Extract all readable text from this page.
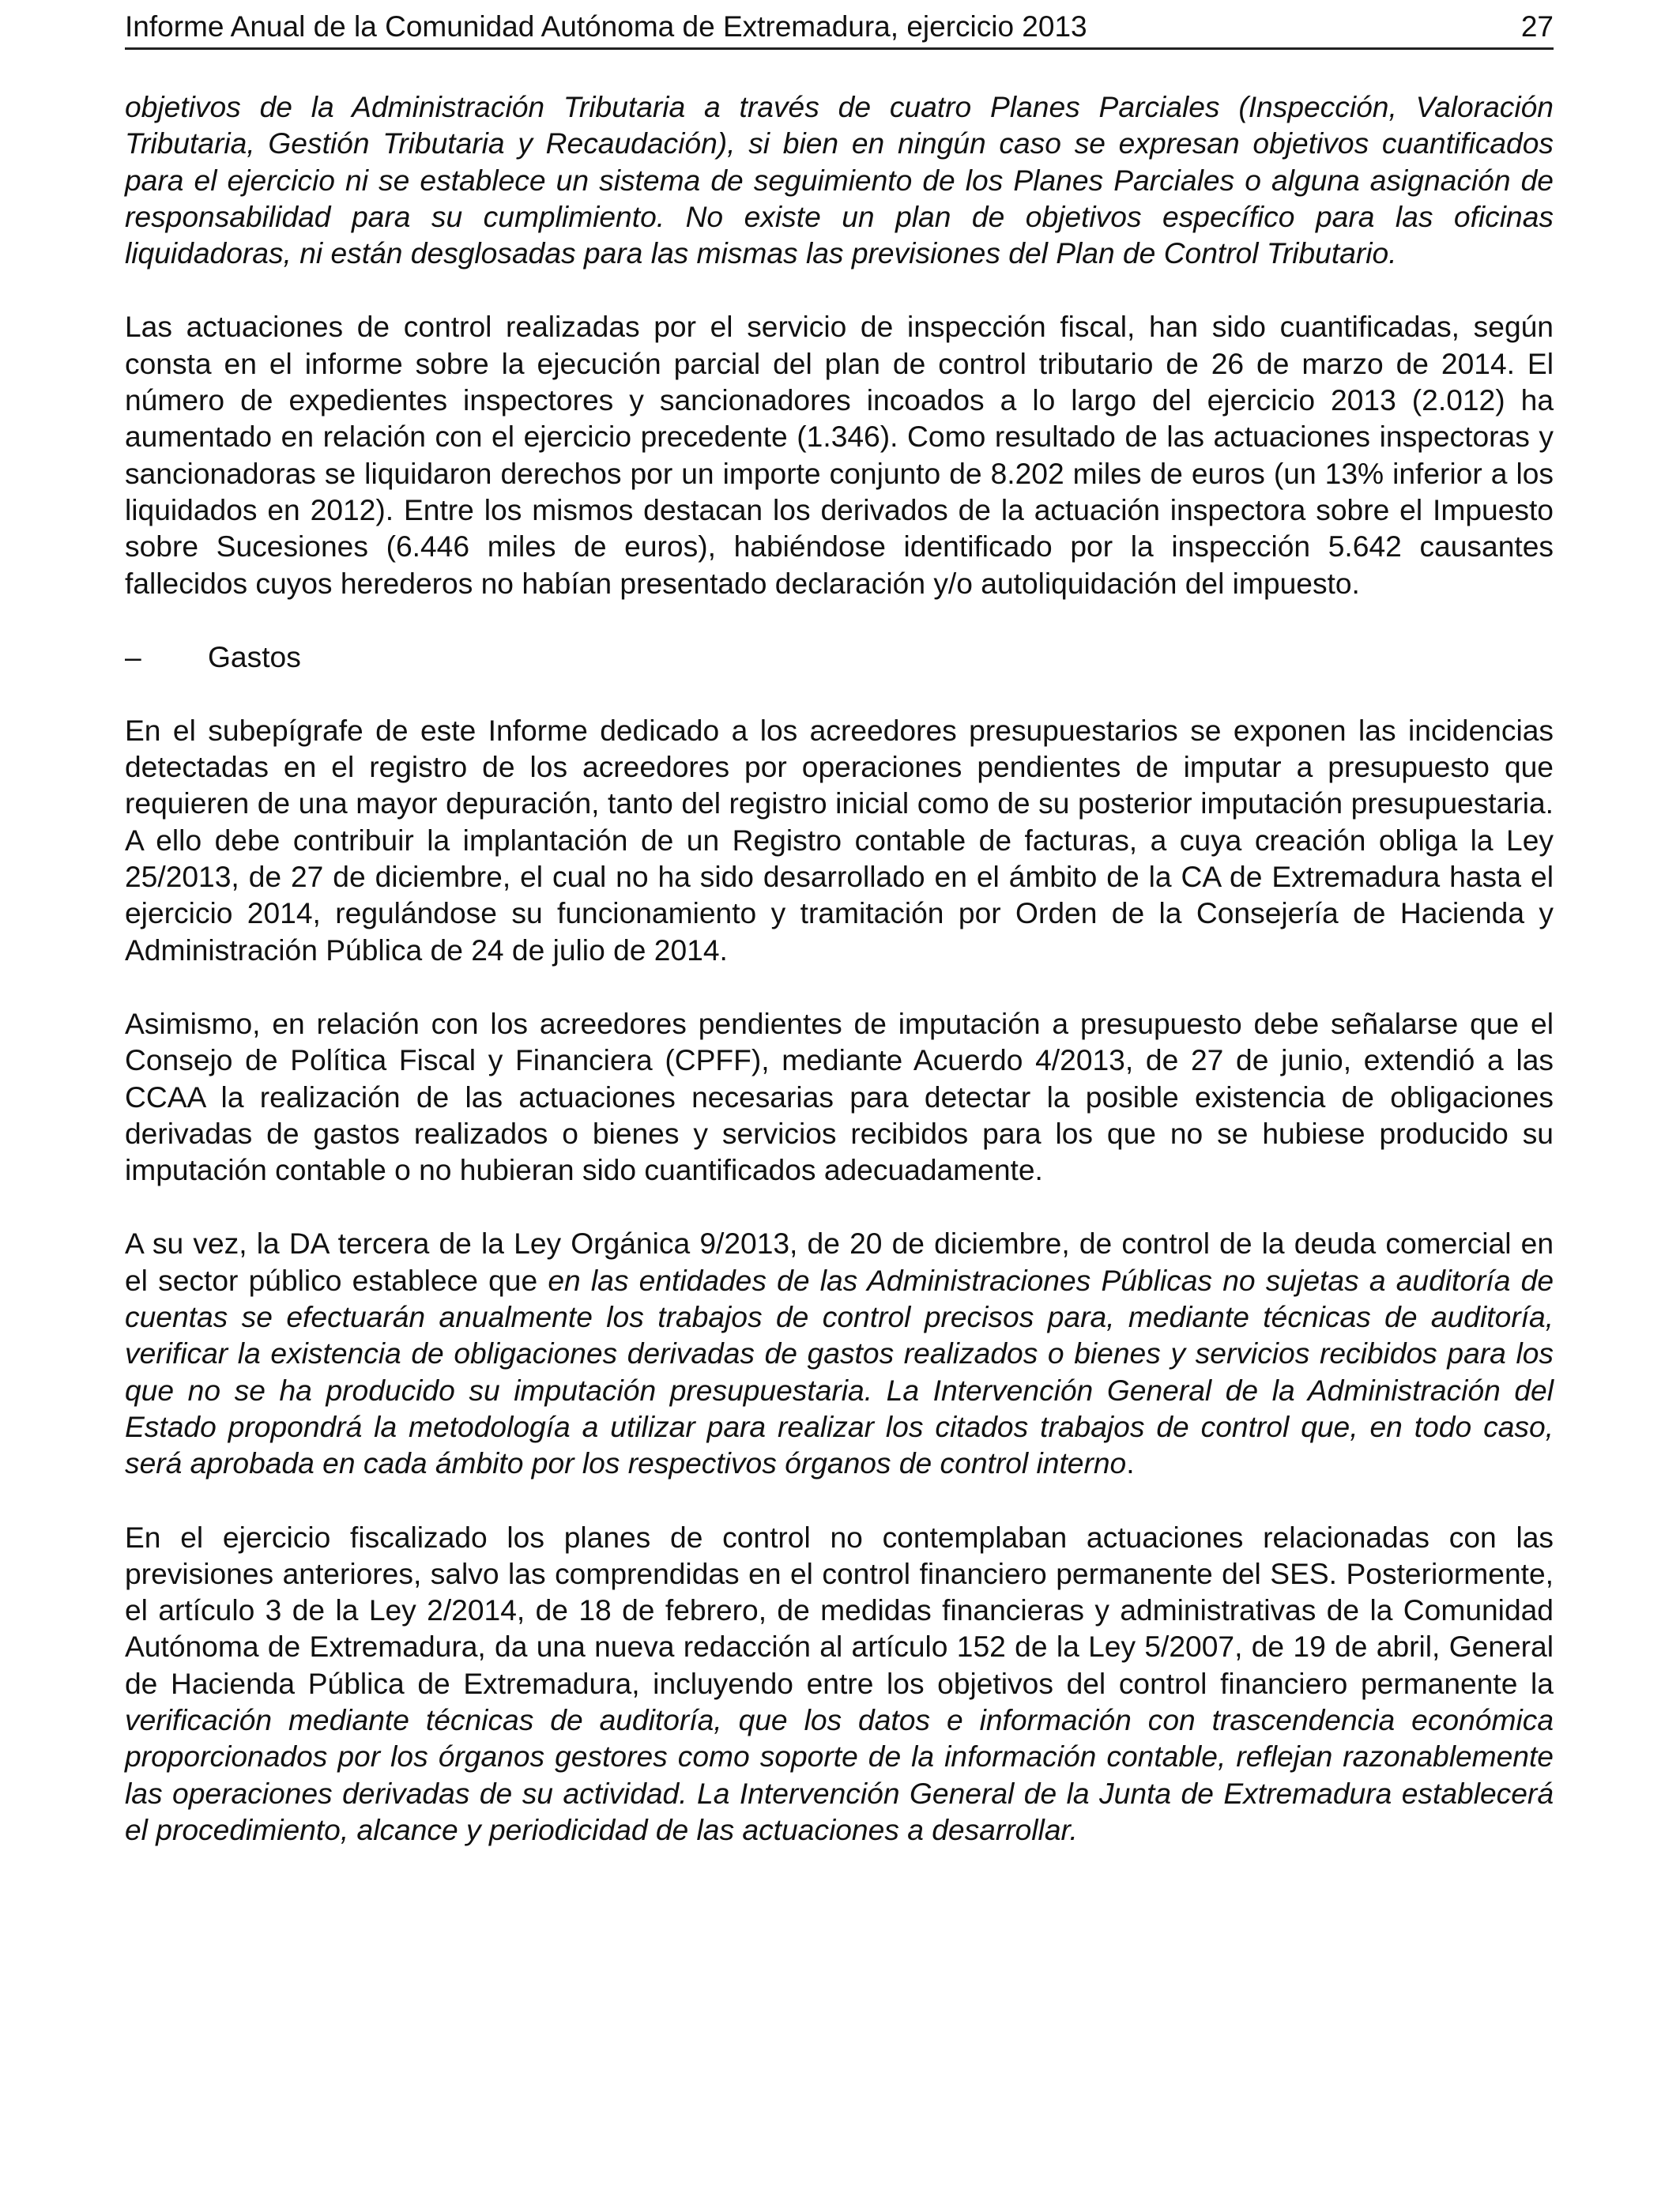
Informe Anual de la Comunidad Autónoma de Extremadura, ejercicio 2013	27

objetivos de la Administración Tributaria a través de cuatro Planes Parciales (Inspección, Valoración Tributaria, Gestión Tributaria y Recaudación), si bien en ningún caso se expresan objetivos cuantificados para el ejercicio ni se establece un sistema de seguimiento de los Planes Parciales o alguna asignación de responsabilidad para su cumplimiento. No existe un plan de objetivos específico para las oficinas liquidadoras, ni están desglosadas para las mismas las previsiones del Plan de Control Tributario.

Las actuaciones de control realizadas por el servicio de inspección fiscal, han sido cuantificadas, según consta en el informe sobre la ejecución parcial del plan de control tributario de 26 de marzo de 2014. El número de expedientes inspectores y sancionadores incoados a lo largo del ejercicio 2013 (2.012) ha aumentado en relación con el ejercicio precedente (1.346). Como resultado de las actuaciones inspectoras y sancionadoras se liquidaron derechos por un importe conjunto de 8.202 miles de euros (un 13% inferior a los liquidados en 2012). Entre los mismos destacan los derivados de la actuación inspectora sobre el Impuesto sobre Sucesiones (6.446 miles de euros), habiéndose identificado por la inspección 5.642 causantes fallecidos cuyos herederos no habían presentado declaración y/o autoliquidación del impuesto.

– Gastos

En el subepígrafe de este Informe dedicado a los acreedores presupuestarios se exponen las incidencias detectadas en el registro de los acreedores por operaciones pendientes de imputar a presupuesto que requieren de una mayor depuración, tanto del registro inicial como de su posterior imputación presupuestaria. A ello debe contribuir la implantación de un Registro contable de facturas, a cuya creación obliga la Ley 25/2013, de 27 de diciembre, el cual no ha sido desarrollado en el ámbito de la CA de Extremadura hasta el ejercicio 2014, regulándose su funcionamiento y tramitación por Orden de la Consejería de Hacienda y Administración Pública de 24 de julio de 2014.

Asimismo, en relación con los acreedores pendientes de imputación a presupuesto debe señalarse que el Consejo de Política Fiscal y Financiera (CPFF), mediante Acuerdo 4/2013, de 27 de junio, extendió a las CCAA la realización de las actuaciones necesarias para detectar la posible existencia de obligaciones derivadas de gastos realizados o bienes y servicios recibidos para los que no se hubiese producido su imputación contable o no hubieran sido cuantificados adecuadamente.

A su vez, la DA tercera de la Ley Orgánica 9/2013, de 20 de diciembre, de control de la deuda comercial en el sector público establece que en las entidades de las Administraciones Públicas no sujetas a auditoría de cuentas se efectuarán anualmente los trabajos de control precisos para, mediante técnicas de auditoría, verificar la existencia de obligaciones derivadas de gastos realizados o bienes y servicios recibidos para los que no se ha producido su imputación presupuestaria. La Intervención General de la Administración del Estado propondrá la metodología a utilizar para realizar los citados trabajos de control que, en todo caso, será aprobada en cada ámbito por los respectivos órganos de control interno.

En el ejercicio fiscalizado los planes de control no contemplaban actuaciones relacionadas con las previsiones anteriores, salvo las comprendidas en el control financiero permanente del SES. Posteriormente, el artículo 3 de la Ley 2/2014, de 18 de febrero, de medidas financieras y administrativas de la Comunidad Autónoma de Extremadura, da una nueva redacción al artículo 152 de la Ley 5/2007, de 19 de abril, General de Hacienda Pública de Extremadura, incluyendo entre los objetivos del control financiero permanente la verificación mediante técnicas de auditoría, que los datos e información con trascendencia económica proporcionados por los órganos gestores como soporte de la información contable, reflejan razonablemente las operaciones derivadas de su actividad. La Intervención General de la Junta de Extremadura establecerá el procedimiento, alcance y periodicidad de las actuaciones a desarrollar.
